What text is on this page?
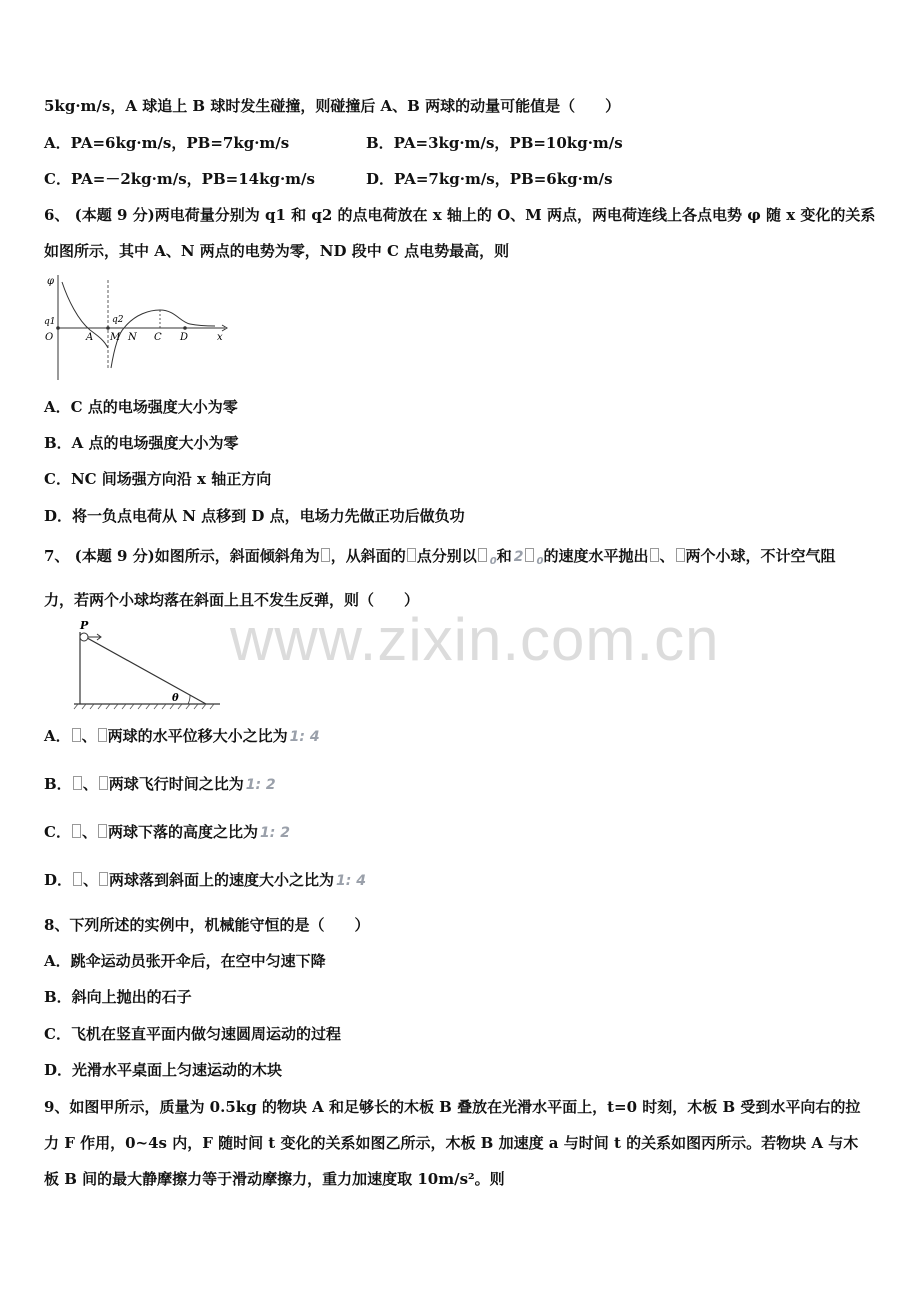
5kg·m/s，A 球追上 B 球时发生碰撞，则碰撞后 A、B 两球的动量可能值是（　　）
A．PA=6kg·m/s，PB=7kg·m/s	B．PA=3kg·m/s，PB=10kg·m/s
C．PA=－2kg·m/s，PB=14kg·m/s	D．PA=7kg·m/s，PB=6kg·m/s
6、 (本题 9 分)两电荷量分别为 q1 和 q2 的点电荷放在 x 轴上的 O、M 两点，两电荷连线上各点电势 φ 随 x 变化的关系
如图所示，其中 A、N 两点的电势为零，ND 段中 C 点电势最高，则
φ
q1	q2
O	A M N C D	x
A．C 点的电场强度大小为零
B．A 点的电场强度大小为零
C．NC 间场强方向沿 x 轴正方向
D．将一负点电荷从 N 点移到 D 点，电场力先做正功后做负功
7、 (本题 9 分)如图所示，斜面倾斜角为 ，从斜面的 点分别以 $_0$和 2 $_0$的速度水平抛出 、 两个小球，不计空气阻
力，若两个小球均落在斜面上且不发生反弹，则（　　）
www.zixin.com.cn
P
θ
A． 、 两球的水平位移大小之比为 1: 4
B． 、 两球飞行时间之比为 1: 2
C． 、 两球下落的高度之比为 1: 2
D． 、 两球落到斜面上的速度大小之比为 1: 4
8、下列所述的实例中，机械能守恒的是（　　）
A．跳伞运动员张开伞后，在空中匀速下降
B．斜向上抛出的石子
C．飞机在竖直平面内做匀速圆周运动的过程
D．光滑水平桌面上匀速运动的木块
9、如图甲所示，质量为 0.5kg 的物块 A 和足够长的木板 B 叠放在光滑水平面上，t=0 时刻，木板 B 受到水平向右的拉
力 F 作用，0~4s 内，F 随时间 t 变化的关系如图乙所示，木板 B 加速度 a 与时间 t 的关系如图丙所示。若物块 A 与木
板 B 间的最大静摩擦力等于滑动摩擦力，重力加速度取 10m/s²。则
